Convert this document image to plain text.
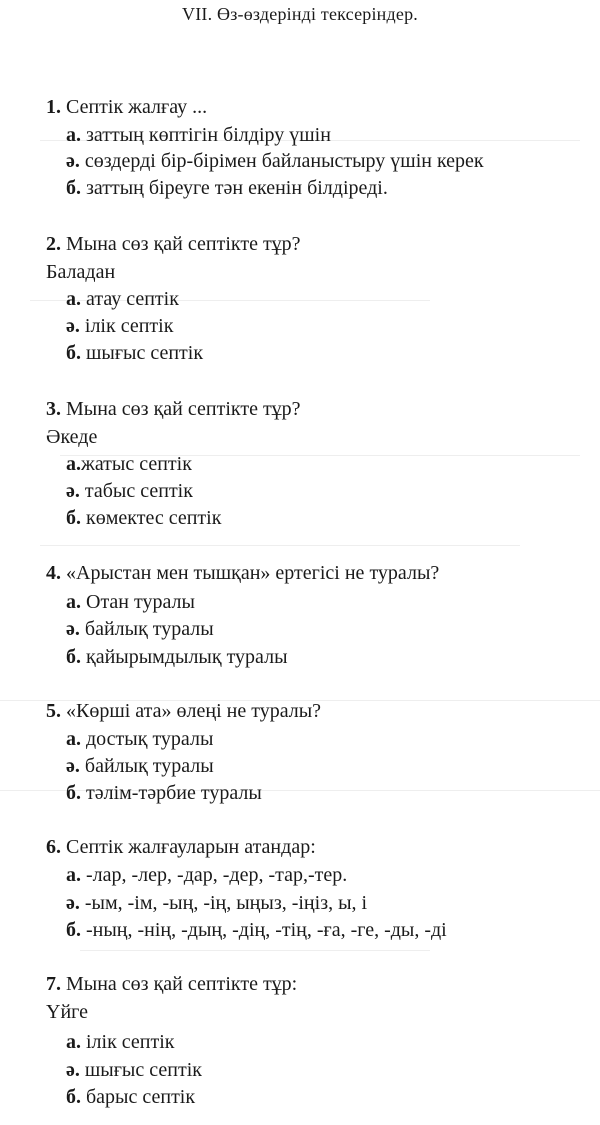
VII. Өз-өздерінді тексеріндер.
1. Септік жалғау ...
а. заттың көптігін білдіру үшін
ә. сөздерді бір-бірімен байланыстыру үшін керек
б. заттың біреуге тән екенін білдіреді.
2. Мына сөз қай септікте тұр?
Баладан
а. атау септік
ә. ілік септік
б. шығыс септік
3. Мына сөз қай септікте тұр?
Әкеде
а.жатыс септік
ә. табыс септік
б. көмектес септік
4. «Арыстан мен тышқан» ертегісі не туралы?
а. Отан туралы
ә. байлық туралы
б. қайырымдылық туралы
5. «Көрші ата» өлеңі не туралы?
а. достық туралы
ә. байлық туралы
б. тәлім-тәрбие туралы
6. Септік жалғауларын атандар:
а. -лар, -лер, -дар, -дер, -тар,-тер.
ә. -ым, -ім, -ың, -ің, ыңыз, -іңіз, ы, і
б. -ның, -нің, -дың, -дің, -тің, -ға, -ге, -ды, -ді
7. Мына сөз қай септікте тұр:
Үйге
а. ілік септік
ә. шығыс септік
б. барыс септік
